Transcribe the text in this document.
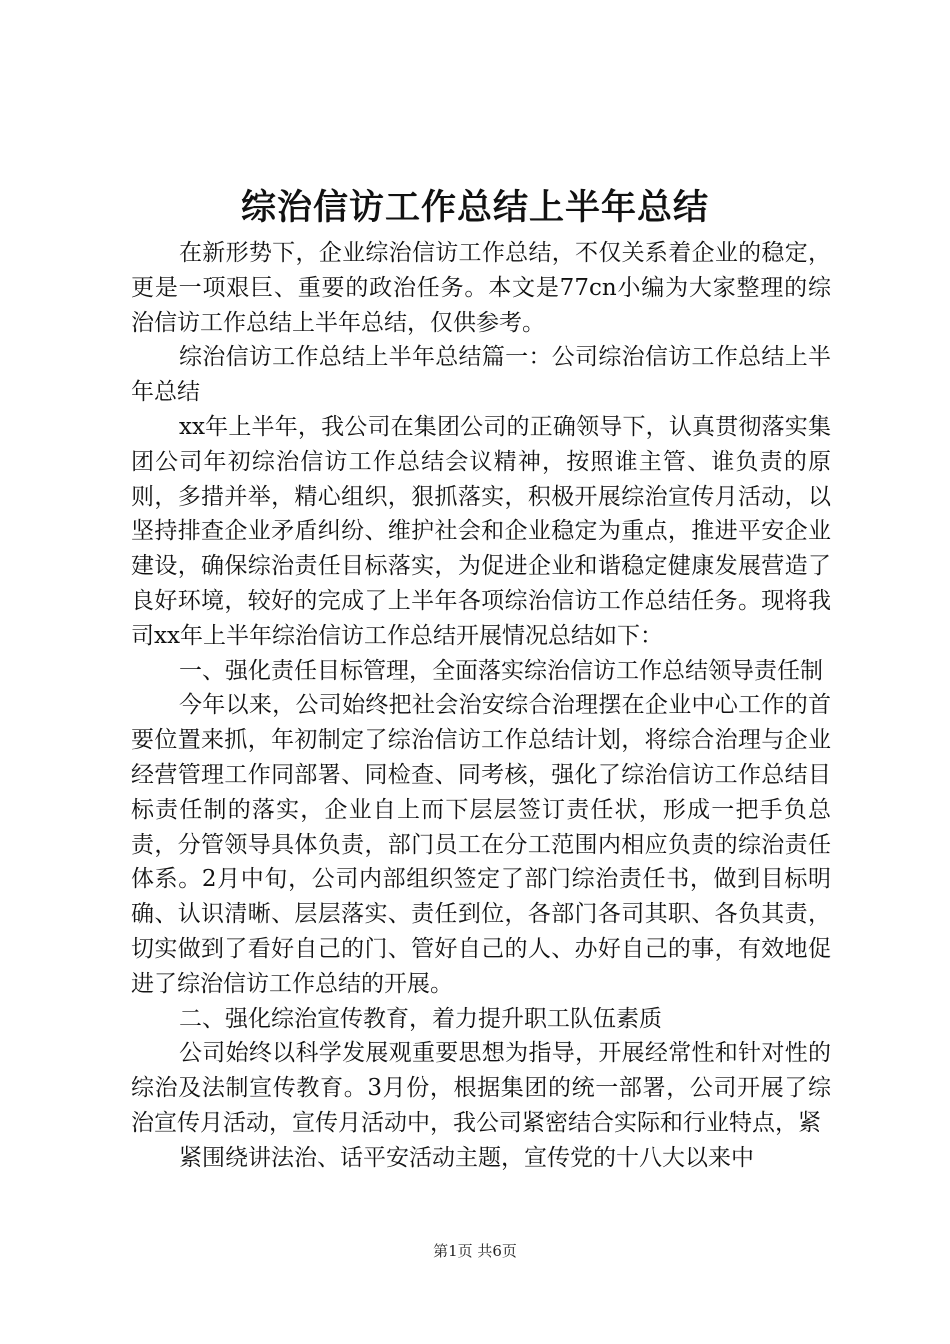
综治信访工作总结上半年总结

在新形势下，企业综治信访工作总结，不仅关系着企业的稳定，更是一项艰巨、重要的政治任务。本文是77cn小编为大家整理的综治信访工作总结上半年总结，仅供参考。

综治信访工作总结上半年总结篇一：公司综治信访工作总结上半年总结

xx年上半年，我公司在集团公司的正确领导下，认真贯彻落实集团公司年初综治信访工作总结会议精神，按照谁主管、谁负责的原则，多措并举，精心组织，狠抓落实，积极开展综治宣传月活动，以坚持排查企业矛盾纠纷、维护社会和企业稳定为重点，推进平安企业建设，确保综治责任目标落实，为促进企业和谐稳定健康发展营造了良好环境，较好的完成了上半年各项综治信访工作总结任务。现将我司xx年上半年综治信访工作总结开展情况总结如下：

一、强化责任目标管理，全面落实综治信访工作总结领导责任制

今年以来，公司始终把社会治安综合治理摆在企业中心工作的首要位置来抓，年初制定了综治信访工作总结计划，将综合治理与企业经营管理工作同部署、同检查、同考核，强化了综治信访工作总结目标责任制的落实，企业自上而下层层签订责任状，形成一把手负总责，分管领导具体负责，部门员工在分工范围内相应负责的综治责任体系。2月中旬，公司内部组织签定了部门综治责任书，做到目标明确、认识清晰、层层落实、责任到位，各部门各司其职、各负其责，切实做到了看好自己的门、管好自己的人、办好自己的事，有效地促进了综治信访工作总结的开展。

二、强化综治宣传教育，着力提升职工队伍素质

公司始终以科学发展观重要思想为指导，开展经常性和针对性的综治及法制宣传教育。3月份，根据集团的统一部署，公司开展了综治宣传月活动，宣传月活动中，我公司紧密结合实际和行业特点，紧

紧围绕讲法治、话平安活动主题，宣传党的十八大以来中

第1页 共6页
